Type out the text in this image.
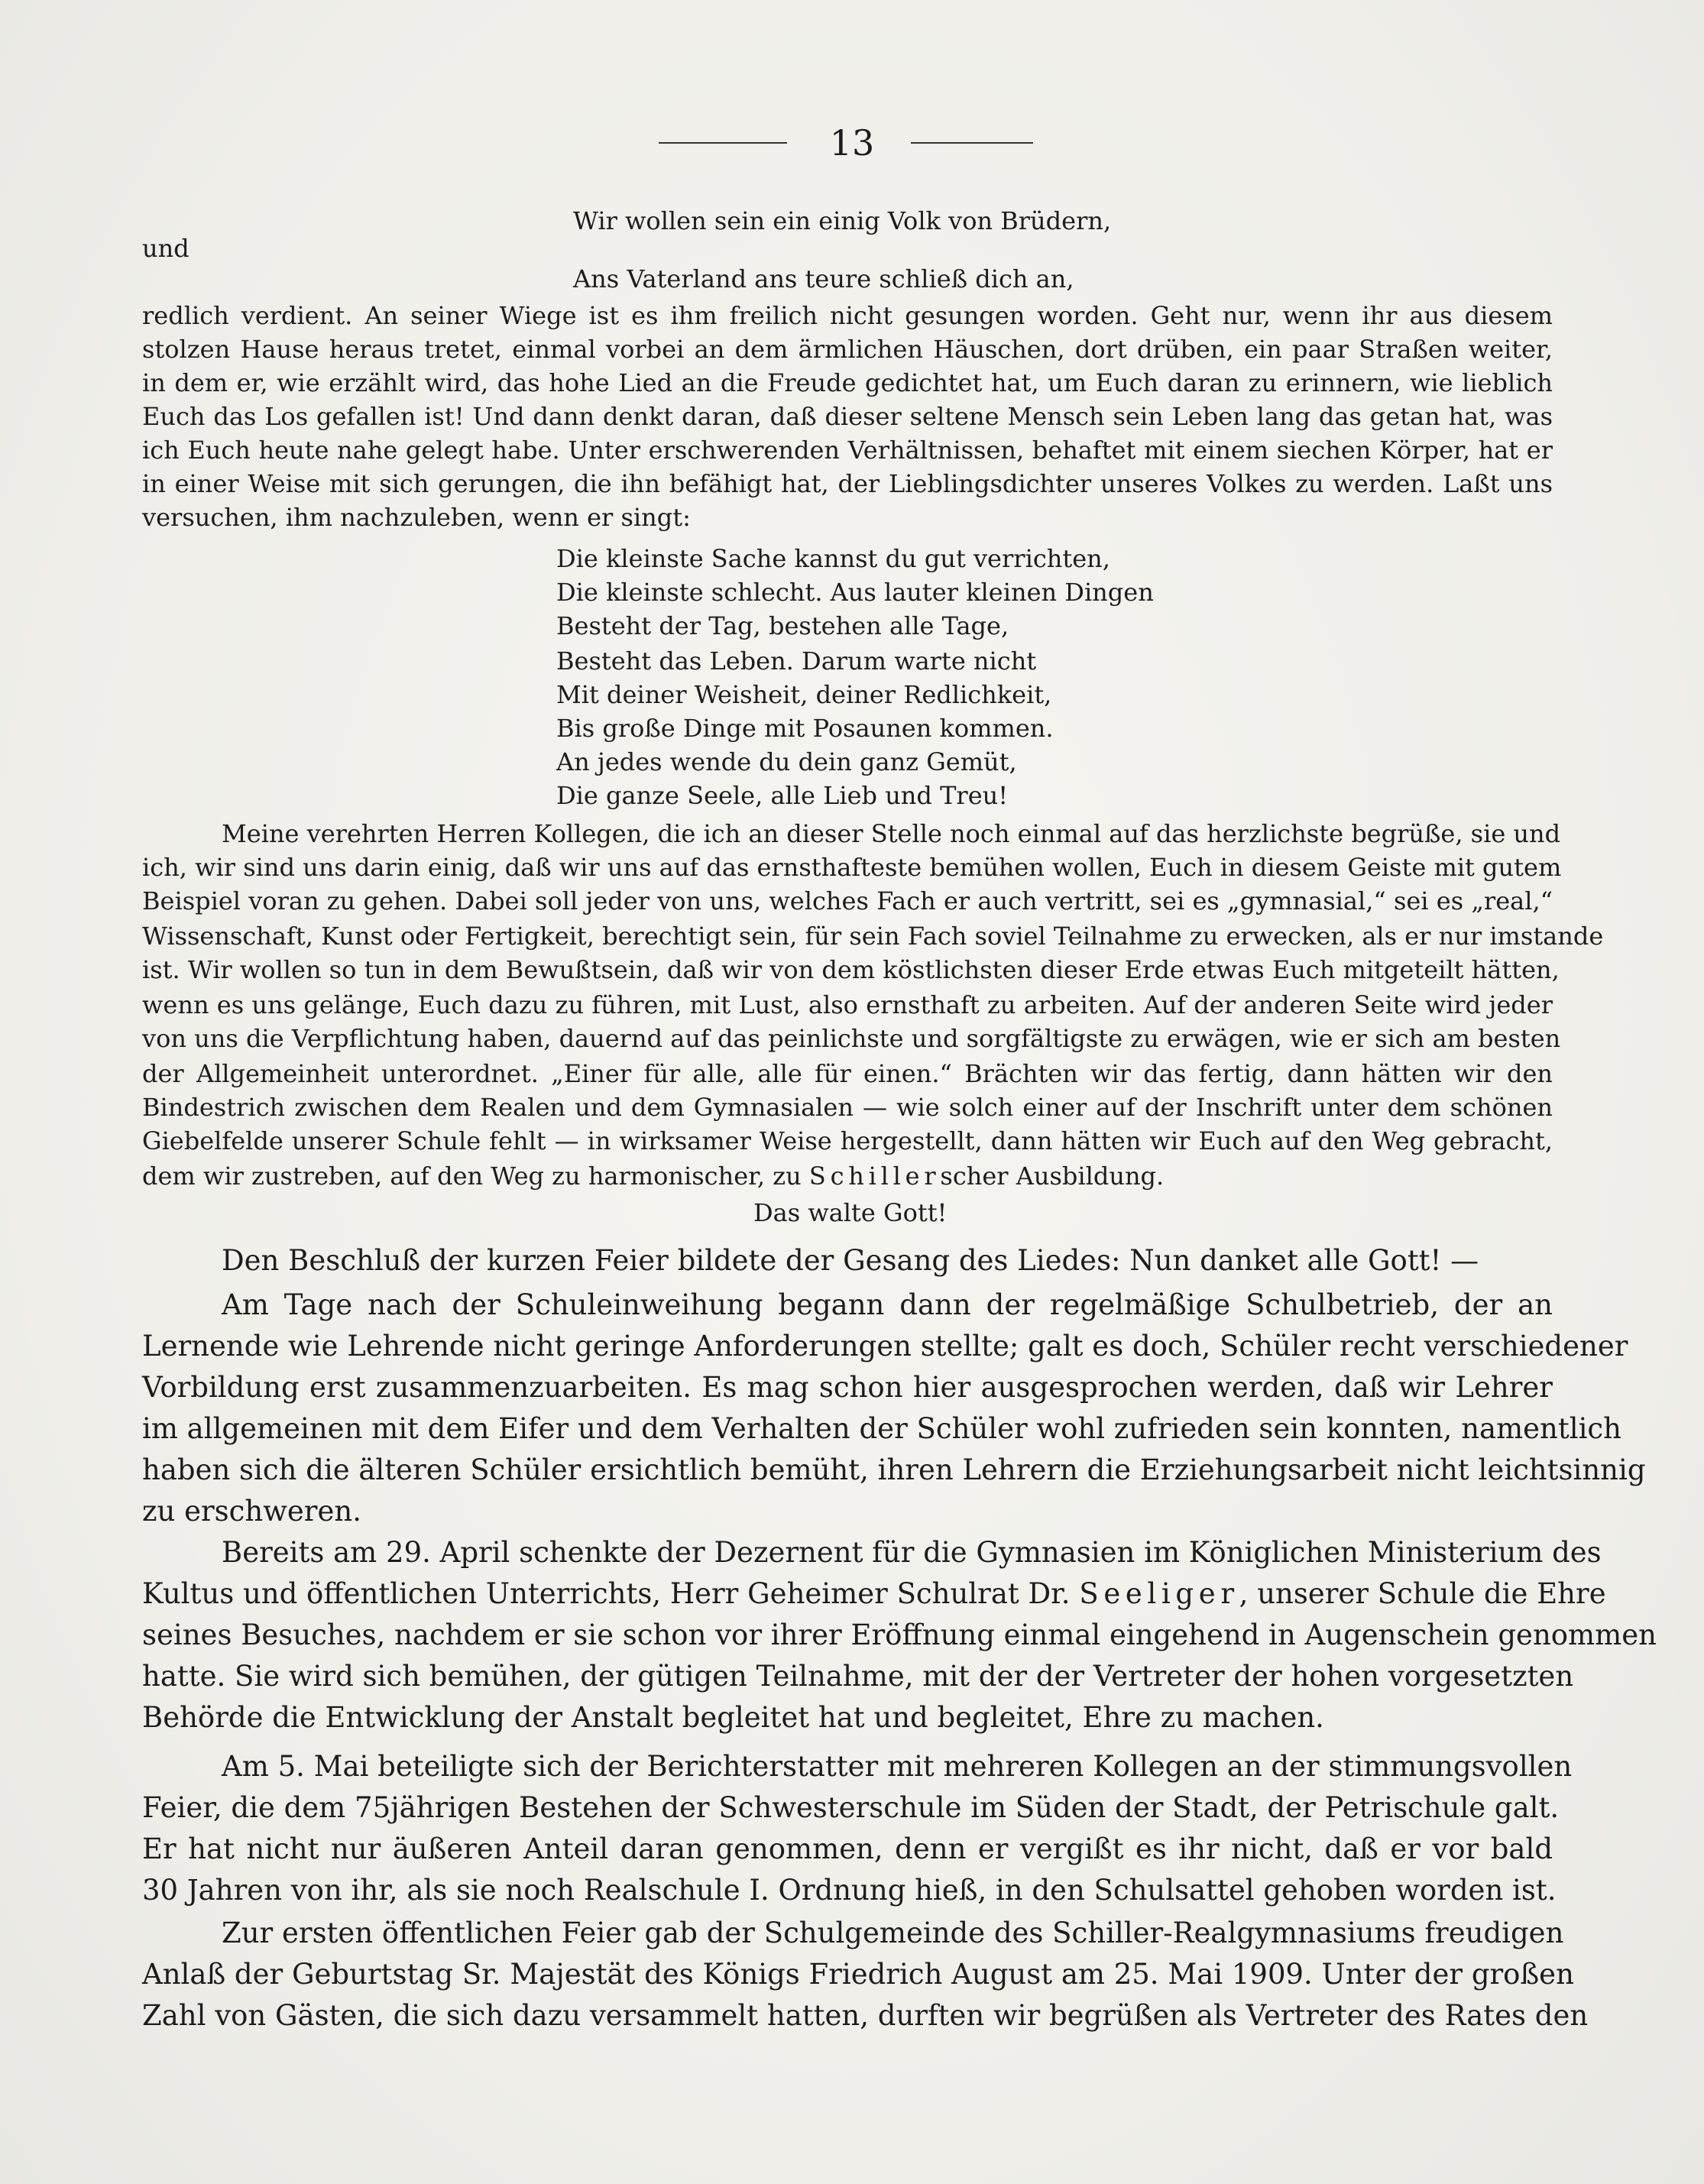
13

Wir wollen sein ein einig Volk von Brüdern,

und

Ans Vaterland ans teure schließ dich an,

redlich verdient. An seiner Wiege ist es ihm freilich nicht gesungen worden. Geht nur, wenn ihr aus diesem

stolzen Hause heraus tretet, einmal vorbei an dem ärmlichen Häuschen, dort drüben, ein paar Straßen weiter,

in dem er, wie erzählt wird, das hohe Lied an die Freude gedichtet hat, um Euch daran zu erinnern, wie lieblich

Euch das Los gefallen ist! Und dann denkt daran, daß dieser seltene Mensch sein Leben lang das getan hat, was

ich Euch heute nahe gelegt habe. Unter erschwerenden Verhältnissen, behaftet mit einem siechen Körper, hat er

in einer Weise mit sich gerungen, die ihn befähigt hat, der Lieblingsdichter unseres Volkes zu werden. Laßt uns

versuchen, ihm nachzuleben, wenn er singt:

Die kleinste Sache kannst du gut verrichten,

Die kleinste schlecht. Aus lauter kleinen Dingen

Besteht der Tag, bestehen alle Tage,

Besteht das Leben. Darum warte nicht

Mit deiner Weisheit, deiner Redlichkeit,

Bis große Dinge mit Posaunen kommen.

An jedes wende du dein ganz Gemüt,

Die ganze Seele, alle Lieb und Treu!

Meine verehrten Herren Kollegen, die ich an dieser Stelle noch einmal auf das herzlichste begrüße, sie und

ich, wir sind uns darin einig, daß wir uns auf das ernsthafteste bemühen wollen, Euch in diesem Geiste mit gutem

Beispiel voran zu gehen. Dabei soll jeder von uns, welches Fach er auch vertritt, sei es „gymnasial,“ sei es „real,“

Wissenschaft, Kunst oder Fertigkeit, berechtigt sein, für sein Fach soviel Teilnahme zu erwecken, als er nur imstande

ist. Wir wollen so tun in dem Bewußtsein, daß wir von dem köstlichsten dieser Erde etwas Euch mitgeteilt hätten,

wenn es uns gelänge, Euch dazu zu führen, mit Lust, also ernsthaft zu arbeiten. Auf der anderen Seite wird jeder

von uns die Verpflichtung haben, dauernd auf das peinlichste und sorgfältigste zu erwägen, wie er sich am besten

der Allgemeinheit unterordnet. „Einer für alle, alle für einen.“ Brächten wir das fertig, dann hätten wir den

Bindestrich zwischen dem Realen und dem Gymnasialen — wie solch einer auf der Inschrift unter dem schönen

Giebelfelde unserer Schule fehlt — in wirksamer Weise hergestellt, dann hätten wir Euch auf den Weg gebracht,

dem wir zustreben, auf den Weg zu harmonischer, zu Schillerscher Ausbildung.

Das walte Gott!

Den Beschluß der kurzen Feier bildete der Gesang des Liedes: Nun danket alle Gott! —

Am Tage nach der Schuleinweihung begann dann der regelmäßige Schulbetrieb, der an

Lernende wie Lehrende nicht geringe Anforderungen stellte; galt es doch, Schüler recht verschiedener

Vorbildung erst zusammenzuarbeiten. Es mag schon hier ausgesprochen werden, daß wir Lehrer

im allgemeinen mit dem Eifer und dem Verhalten der Schüler wohl zufrieden sein konnten, namentlich

haben sich die älteren Schüler ersichtlich bemüht, ihren Lehrern die Erziehungsarbeit nicht leichtsinnig

zu erschweren.

Bereits am 29. April schenkte der Dezernent für die Gymnasien im Königlichen Ministerium des

Kultus und öffentlichen Unterrichts, Herr Geheimer Schulrat Dr. Seeliger, unserer Schule die Ehre

seines Besuches, nachdem er sie schon vor ihrer Eröffnung einmal eingehend in Augenschein genommen

hatte. Sie wird sich bemühen, der gütigen Teilnahme, mit der der Vertreter der hohen vorgesetzten

Behörde die Entwicklung der Anstalt begleitet hat und begleitet, Ehre zu machen.

Am 5. Mai beteiligte sich der Berichterstatter mit mehreren Kollegen an der stimmungsvollen

Feier, die dem 75jährigen Bestehen der Schwesterschule im Süden der Stadt, der Petrischule galt.

Er hat nicht nur äußeren Anteil daran genommen, denn er vergißt es ihr nicht, daß er vor bald

30 Jahren von ihr, als sie noch Realschule I. Ordnung hieß, in den Schulsattel gehoben worden ist.

Zur ersten öffentlichen Feier gab der Schulgemeinde des Schiller-Realgymnasiums freudigen

Anlaß der Geburtstag Sr. Majestät des Königs Friedrich August am 25. Mai 1909. Unter der großen

Zahl von Gästen, die sich dazu versammelt hatten, durften wir begrüßen als Vertreter des Rates den
